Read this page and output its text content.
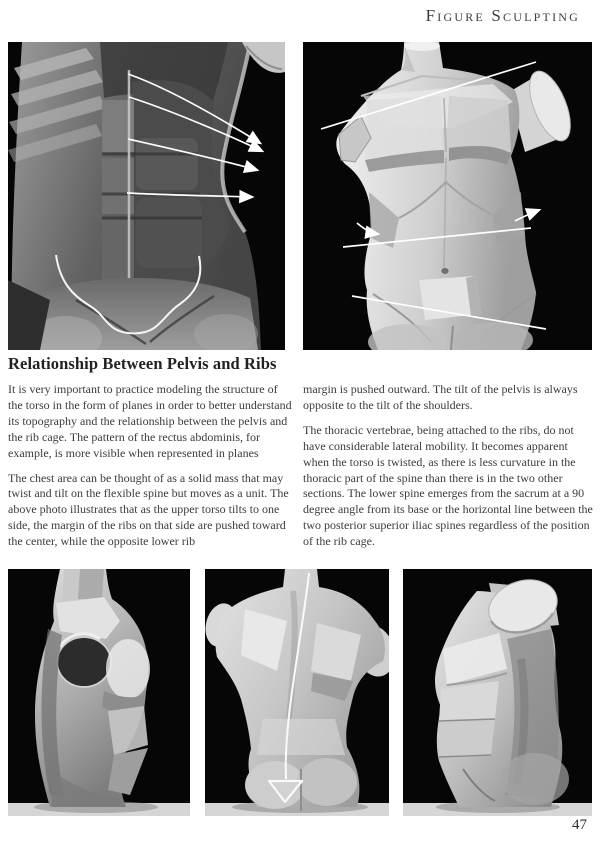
Figure Sculpting
Relationship Between Pelvis and Ribs

It is very important to practice modeling the structure of the torso in the form of planes in order to better understand its topography and the relationship between the pelvis and the rib cage. The pattern of the rectus abdominis, for example, is more visible when represented in planes

The chest area can be thought of as a solid mass that may twist and tilt on the flexible spine but moves as a unit. The above photo illustrates that as the upper torso tilts to one side, the margin of the ribs on that side are pushed toward the center, while the opposite lower rib

margin is pushed outward. The tilt of the pelvis is always opposite to the tilt of the shoulders.

The thoracic vertebrae, being attached to the ribs, do not have considerable lateral mobility. It becomes apparent when the torso is twisted, as there is less curvature in the thoracic part of the spine than there is in the two other sections. The lower spine emerges from the sacrum at a 90 degree angle from its base or the horizontal line between the two posterior superior iliac spines regardless of the position of the rib cage.

47
